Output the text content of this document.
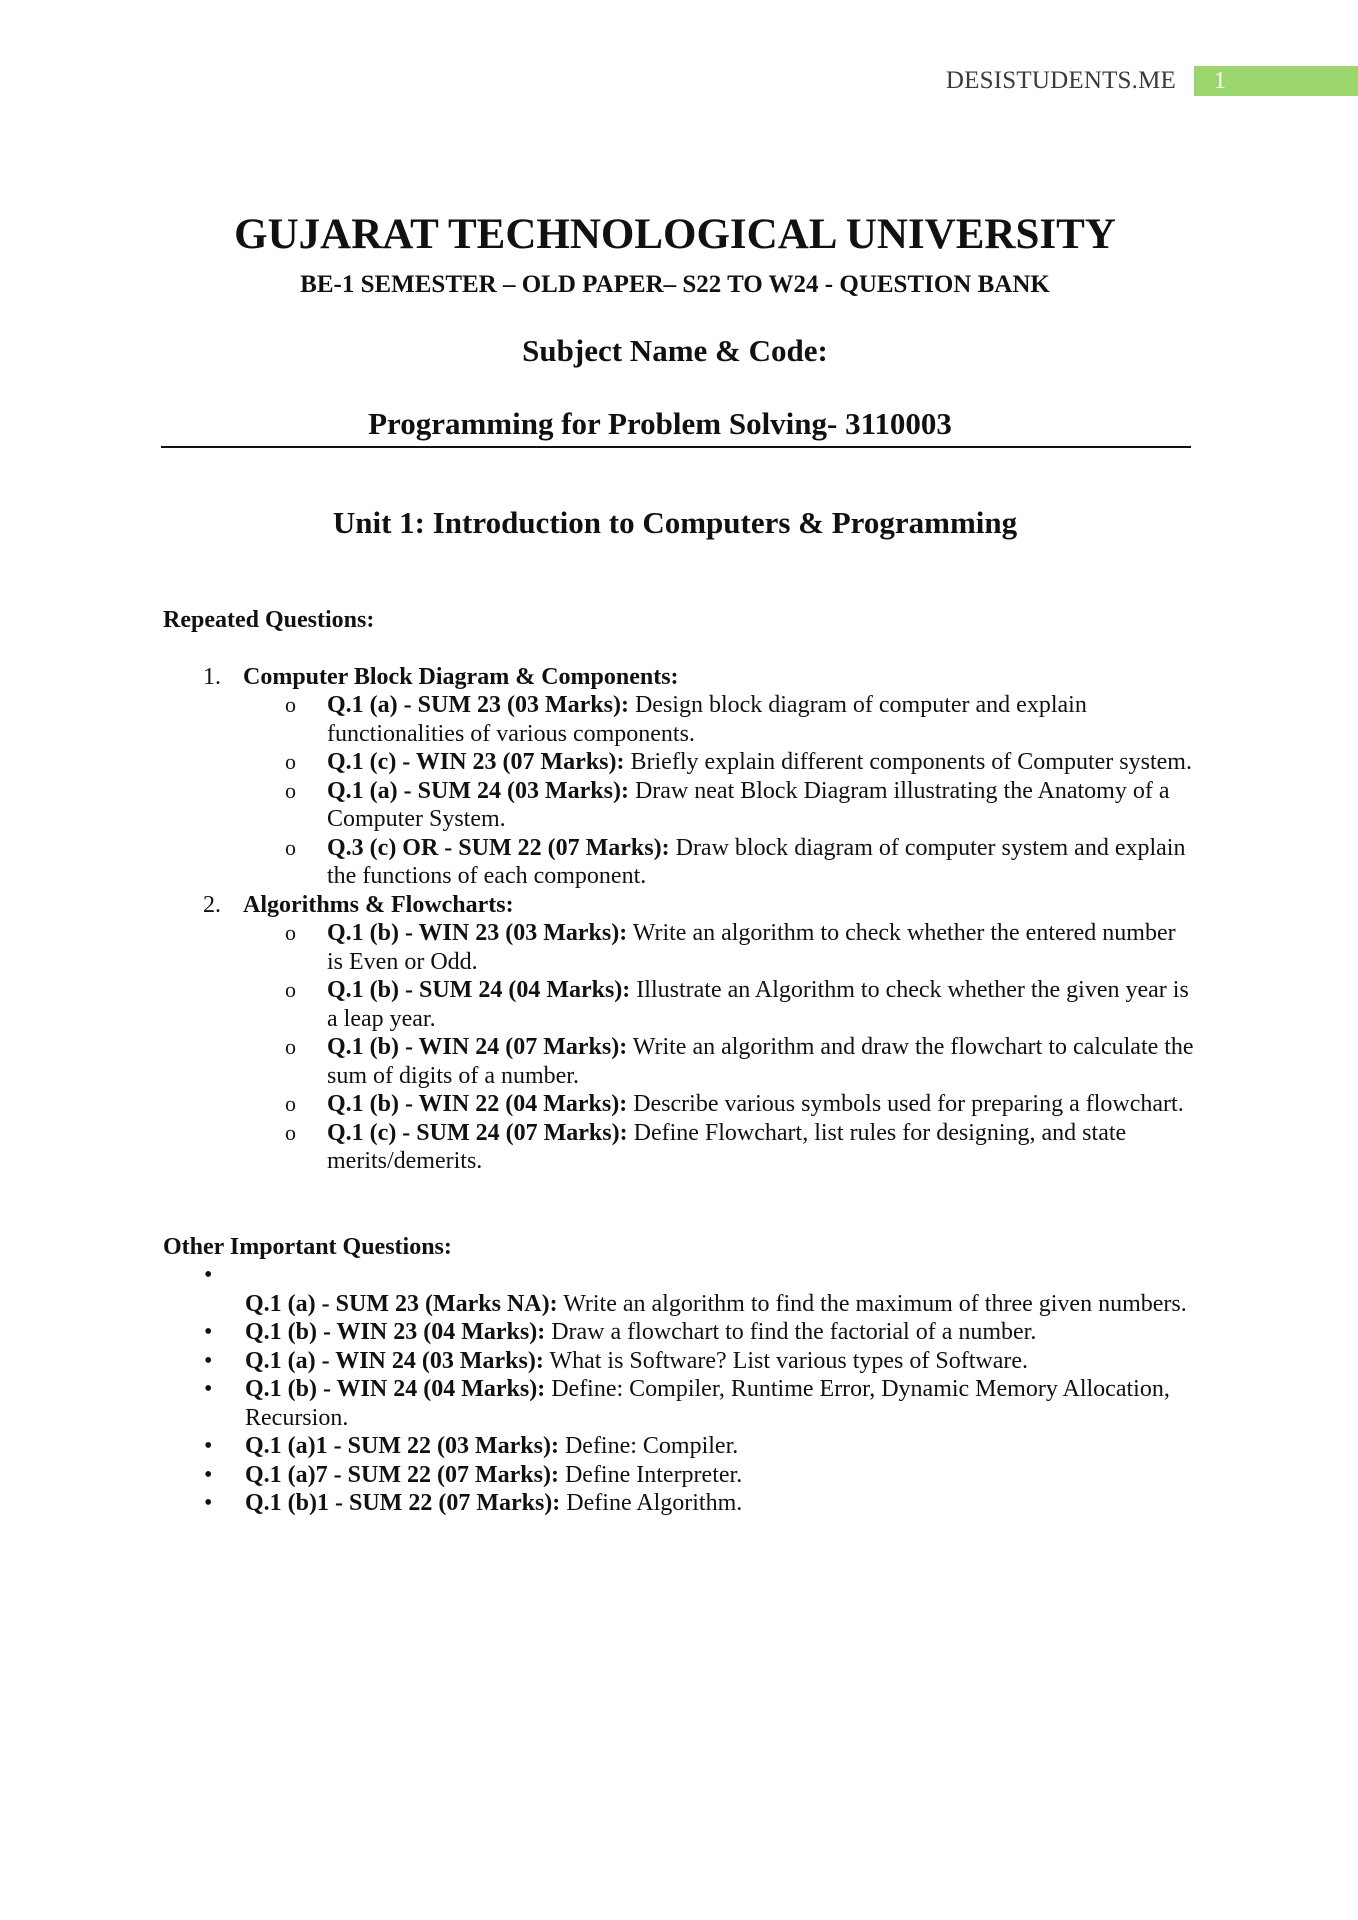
DESISTUDENTS.ME	1
GUJARAT TECHNOLOGICAL UNIVERSITY
BE-1 SEMESTER – OLD PAPER– S22 TO W24 - QUESTION BANK
Subject Name & Code:
Programming for Problem Solving- 3110003
Unit 1: Introduction to Computers & Programming

Repeated Questions:

1. Computer Block Diagram & Components:
o	Q.1 (a) - SUM 23 (03 Marks): Design block diagram of computer and explain functionalities of various components.
o	Q.1 (c) - WIN 23 (07 Marks): Briefly explain different components of Computer system.
o	Q.1 (a) - SUM 24 (03 Marks): Draw neat Block Diagram illustrating the Anatomy of a Computer System.
o	Q.3 (c) OR - SUM 22 (07 Marks): Draw block diagram of computer system and explain the functions of each component.
2. Algorithms & Flowcharts:
o	Q.1 (b) - WIN 23 (03 Marks): Write an algorithm to check whether the entered number is Even or Odd.
o	Q.1 (b) - SUM 24 (04 Marks): Illustrate an Algorithm to check whether the given year is a leap year.
o	Q.1 (b) - WIN 24 (07 Marks): Write an algorithm and draw the flowchart to calculate the sum of digits of a number.
o	Q.1 (b) - WIN 22 (04 Marks): Describe various symbols used for preparing a flowchart.
o	Q.1 (c) - SUM 24 (07 Marks): Define Flowchart, list rules for designing, and state merits/demerits.

Other Important Questions:

•
Q.1 (a) - SUM 23 (Marks NA): Write an algorithm to find the maximum of three given numbers.
•	Q.1 (b) - WIN 23 (04 Marks): Draw a flowchart to find the factorial of a number.
•	Q.1 (a) - WIN 24 (03 Marks): What is Software? List various types of Software.
•	Q.1 (b) - WIN 24 (04 Marks): Define: Compiler, Runtime Error, Dynamic Memory Allocation, Recursion.
•	Q.1 (a)1 - SUM 22 (03 Marks): Define: Compiler.
•	Q.1 (a)7 - SUM 22 (07 Marks): Define Interpreter.
•	Q.1 (b)1 - SUM 22 (07 Marks): Define Algorithm.
